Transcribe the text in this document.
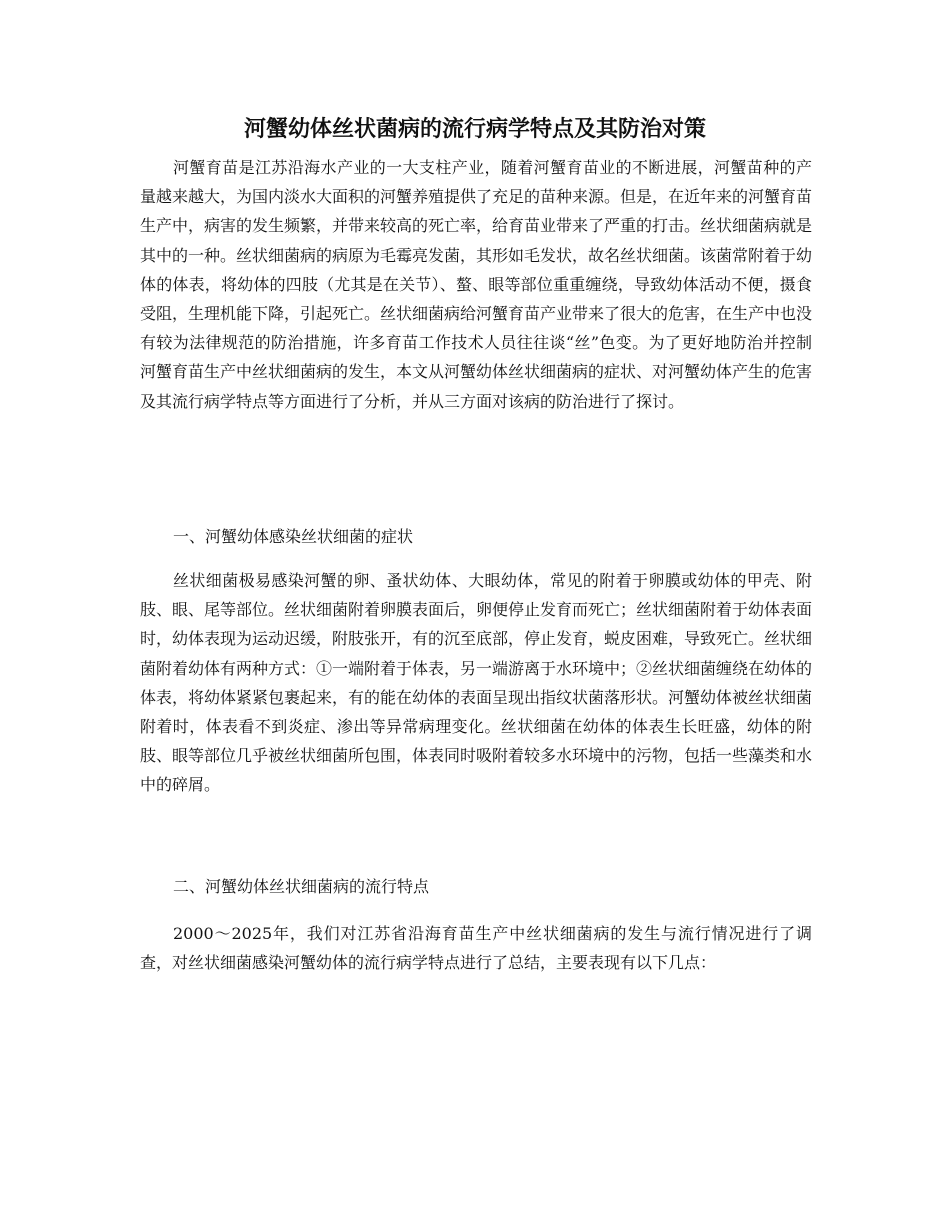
河蟹幼体丝状菌病的流行病学特点及其防治对策

河蟹育苗是江苏沿海水产业的一大支柱产业，随着河蟹育苗业的不断进展，河蟹苗种的产量越来越大，为国内淡水大面积的河蟹养殖提供了充足的苗种来源。但是，在近年来的河蟹育苗生产中，病害的发生频繁，并带来较高的死亡率，给育苗业带来了严重的打击。丝状细菌病就是其中的一种。丝状细菌病的病原为毛霉亮发菌，其形如毛发状，故名丝状细菌。该菌常附着于幼体的体表，将幼体的四肢（尤其是在关节）、螯、眼等部位重重缠绕，导致幼体活动不便，摄食受阻，生理机能下降，引起死亡。丝状细菌病给河蟹育苗产业带来了很大的危害，在生产中也没有较为法律规范的防治措施，许多育苗工作技术人员往往谈“丝”色变。为了更好地防治并控制河蟹育苗生产中丝状细菌病的发生，本文从河蟹幼体丝状细菌病的症状、对河蟹幼体产生的危害及其流行病学特点等方面进行了分析，并从三方面对该病的防治进行了探讨。

一、河蟹幼体感染丝状细菌的症状

丝状细菌极易感染河蟹的卵、蚤状幼体、大眼幼体，常见的附着于卵膜或幼体的甲壳、附肢、眼、尾等部位。丝状细菌附着卵膜表面后，卵便停止发育而死亡；丝状细菌附着于幼体表面时，幼体表现为运动迟缓，附肢张开，有的沉至底部，停止发育，蜕皮困难，导致死亡。丝状细菌附着幼体有两种方式：①一端附着于体表，另一端游离于水环境中；②丝状细菌缠绕在幼体的体表，将幼体紧紧包裹起来，有的能在幼体的表面呈现出指纹状菌落形状。河蟹幼体被丝状细菌附着时，体表看不到炎症、渗出等异常病理变化。丝状细菌在幼体的体表生长旺盛，幼体的附肢、眼等部位几乎被丝状细菌所包围，体表同时吸附着较多水环境中的污物，包括一些藻类和水中的碎屑。

二、河蟹幼体丝状细菌病的流行特点

2000～2025年，我们对江苏省沿海育苗生产中丝状细菌病的发生与流行情况进行了调查，对丝状细菌感染河蟹幼体的流行病学特点进行了总结，主要表现有以下几点：
